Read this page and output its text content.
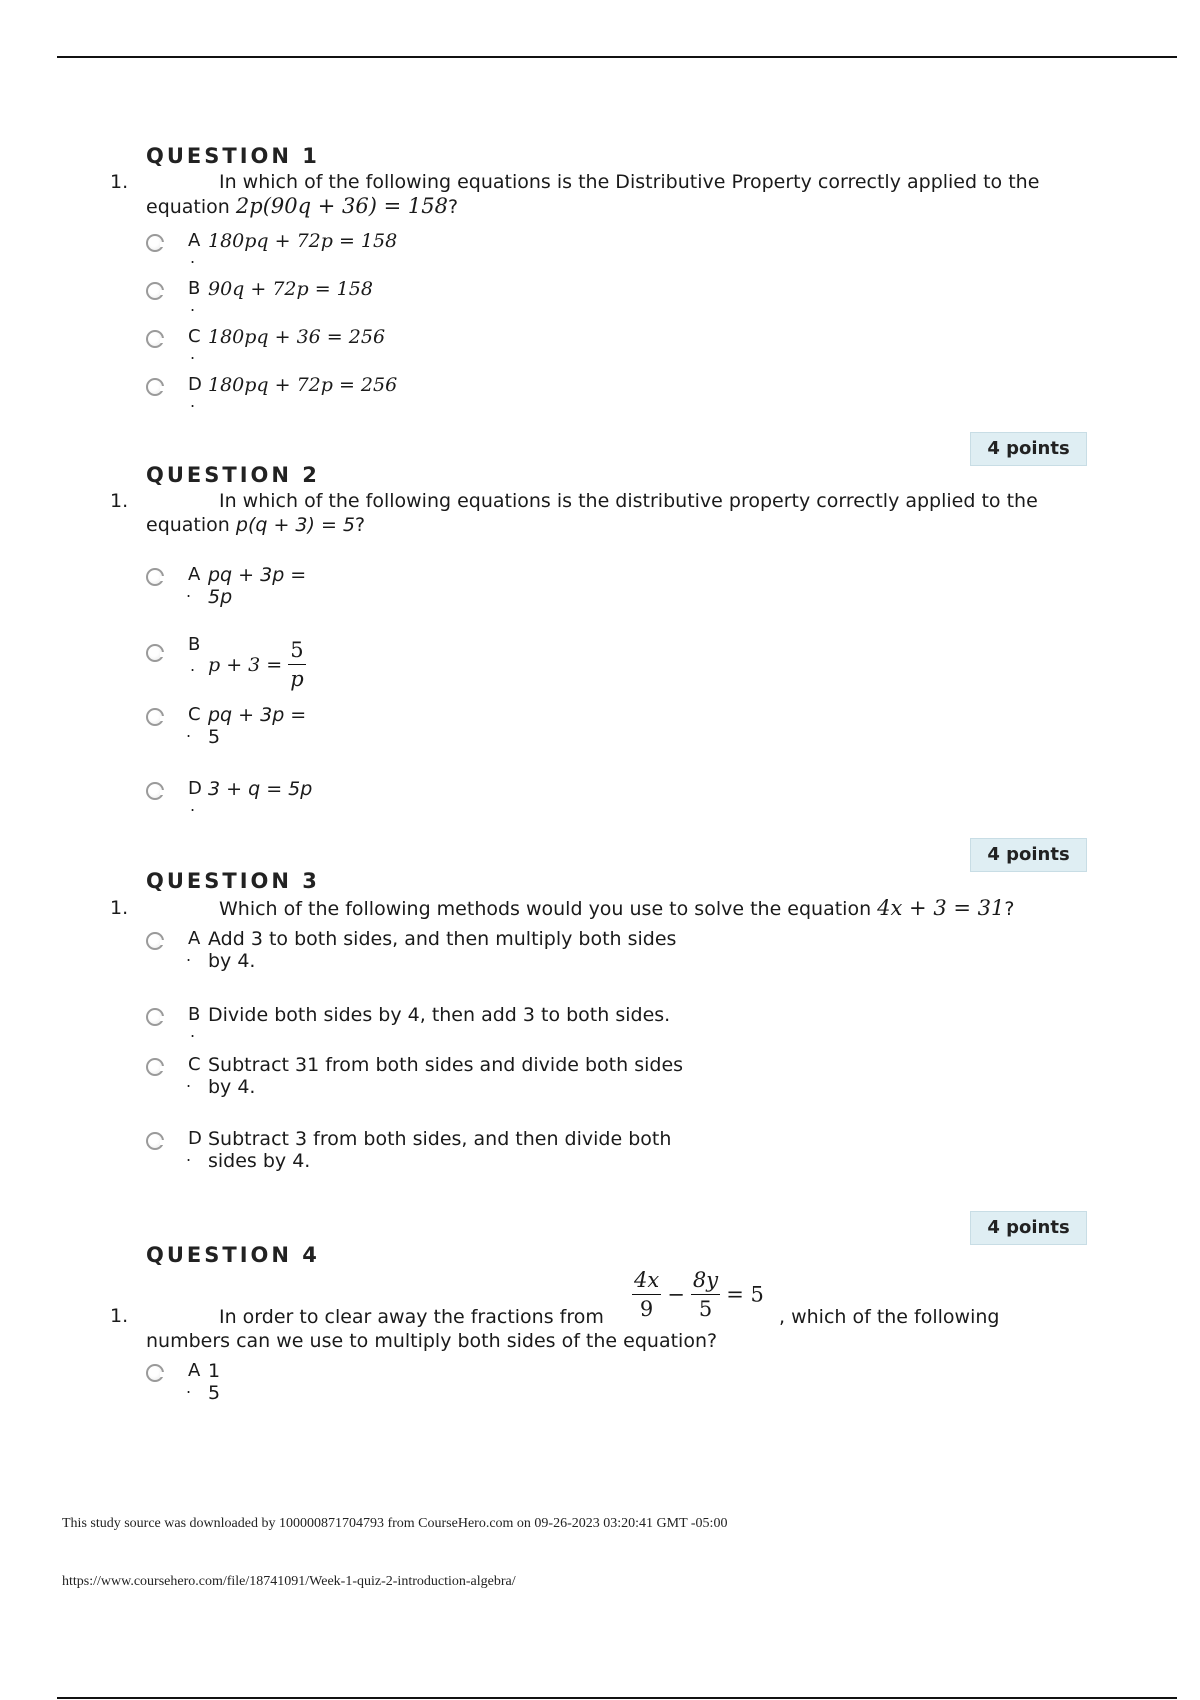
QUESTION 1
1.	In which of the following equations is the Distributive Property correctly applied to the equation 2p(90q + 36) = 158?
A
.
180pq + 72p = 158
B
.
90q + 72p = 158
C
.
180pq + 36 = 256
D
.
180pq + 72p = 256
4 points
QUESTION 2
1.	In which of the following equations is the distributive property correctly applied to the equation p(q + 3) = 5?
A
.
pq + 3p =
5p
B
. $p + 3 = \frac{5}{p}$
C
.
pq + 3p =
5
D
.
3 + q = 5p
4 points
QUESTION 3
1.	Which of the following methods would you use to solve the equation 4x + 3 = 31?
A
.
Add 3 to both sides, and then multiply both sides
by 4.
B
.
Divide both sides by 4, then add 3 to both sides.
C
.
Subtract 31 from both sides and divide both sides
by 4.
D
.
Subtract 3 from both sides, and then divide both
sides by 4.
4 points
QUESTION 4
1.	In order to clear away the fractions from $\frac{4x}{9} - \frac{8y}{5} = 5$
, which of the following
numbers can we use to multiply both sides of the equation?
A
.
1
5
This study source was downloaded by 100000871704793 from CourseHero.com on 09-26-2023 03:20:41 GMT -05:00
https://www.coursehero.com/file/18741091/Week-1-quiz-2-introduction-algebra/
